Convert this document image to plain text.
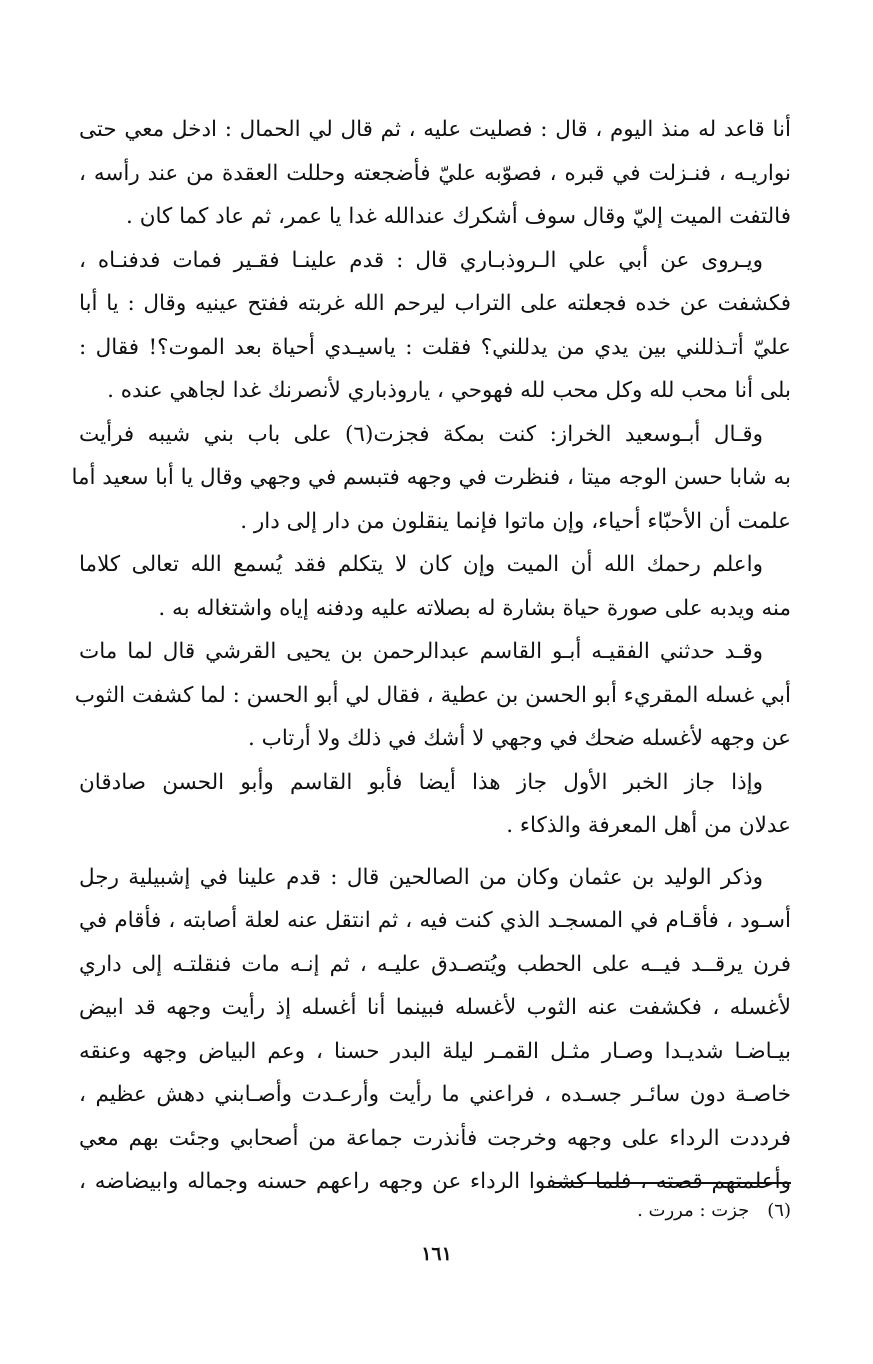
أنا قاعد له منذ اليوم ، قال : فصليت عليه ، ثم قال لي الحمال : ادخل معي حتى
نواريـه ، فنـزلت في قبره ، فصوّبه عليّ فأضجعته وحللت العقدة من عند رأسه ،
فالتفت الميت إليّ وقال سوف أشكرك عندالله غدا يا عمر، ثم عاد كما كان .
ويـروى عن أبي علي الـروذبـاري قال : قدم علينـا فقـير فمات فدفنـاه ،
فكشفت عن خده فجعلته على التراب ليرحم الله غربته ففتح عينيه وقال : يا أبا
عليّ أتـذللني بين يدي من يدللني؟ فقلت : ياسيـدي أحياة بعد الموت؟! فقال :
بلى أنا محب لله وكل محب لله فهوحي ، ياروذباري لأنصرنك غدا لجاهي عنده .
وقـال أبـوسعيد الخراز: كنت بمكة فجزت(٦) على باب بني شيبه فرأيت
به شابا حسن الوجه ميتا ، فنظرت في وجهه فتبسم في وجهي وقال يا أبا سعيد أما
علمت أن الأحبّاء أحياء، وإن ماتوا فإنما ينقلون من دار إلى دار .
واعلم رحمك الله أن الميت وإن كان لا يتكلم فقد يُسمع الله تعالى كلاما
منه ويدبه على صورة حياة بشارة له بصلاته عليه ودفنه إياه واشتغاله به .
وقـد حدثني الفقيـه أبـو القاسم عبدالرحمن بن يحيى القرشي قال لما مات
أبي غسله المقريء أبو الحسن بن عطية ، فقال لي أبو الحسن : لما كشفت الثوب
عن وجهه لأغسله ضحك في وجهي لا أشك في ذلك ولا أرتاب .
وإذا جاز الخبر الأول جاز هذا أيضا فأبو القاسم وأبو الحسن صادقان
عدلان من أهل المعرفة والذكاء .
وذكر الوليد بن عثمان وكان من الصالحين قال : قدم علينا في إشبيلية رجل
أسـود ، فأقـام في المسجـد الذي كنت فيه ، ثم انتقل عنه لعلة أصابته ، فأقام في
فرن يرقــد فيــه على الحطب ويُتصـدق عليـه ، ثم إنـه مات فنقلتـه إلى داري
لأغسله ، فكشفت عنه الثوب لأغسله فبينما أنا أغسله إذ رأيت وجهه قد ابيض
بيـاضـا شديـدا وصـار مثـل القمـر ليلة البدر حسنا ، وعم البياض وجهه وعنقه
خاصـة دون سائـر جسـده ، فراعني ما رأيت وأرعـدت وأصـابني دهش عظيم ،
فرددت الرداء على وجهه وخرجت فأنذرت جماعة من أصحابي وجئت بهم معي
وأعلمتهم قصته ، فلما كشفوا الرداء عن وجهه راعهم حسنه وجماله وابيضاضه ،
(٦)جزت : مررت .
١٦١
